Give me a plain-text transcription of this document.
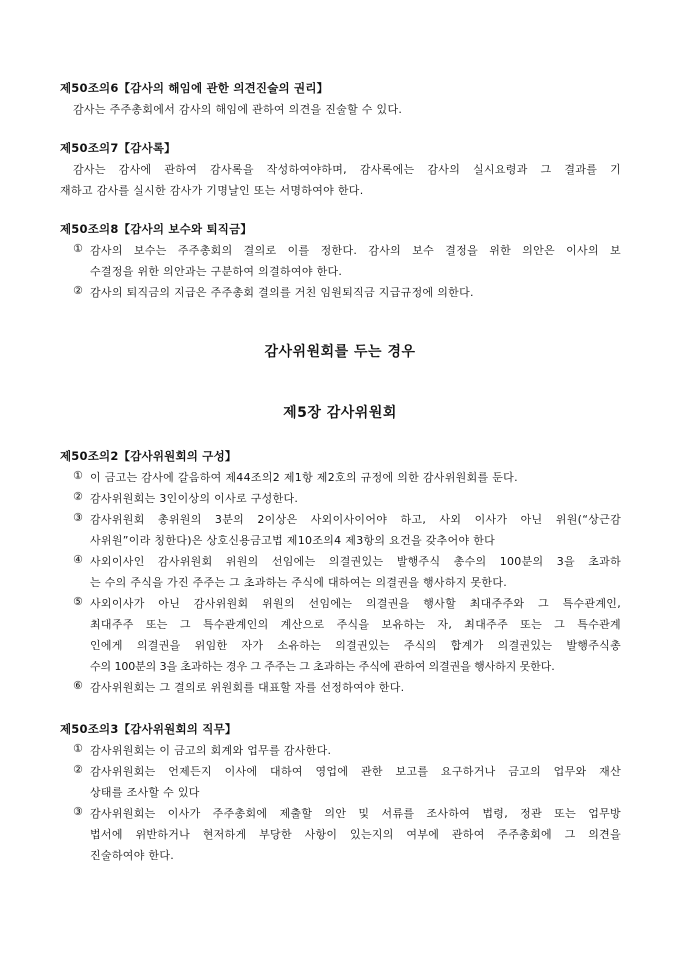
제50조의6【감사의 해임에 관한 의견진술의 권리】
감사는 주주총회에서 감사의 해임에 관하여 의견을 진술할 수 있다.
제50조의7【감사록】
감사는 감사에 관하여 감사록을 작성하여야하며, 감사록에는 감사의 실시요령과 그 결과를 기
재하고 감사를 실시한 감사가 기명날인 또는 서명하여야 한다.
제50조의8【감사의 보수와 퇴직금】
① 감사의 보수는 주주총회의 결의로 이를 정한다. 감사의 보수 결정을 위한 의안은 이사의 보
수결정을 위한 의안과는 구분하여 의결하여야 한다.
② 감사의 퇴직금의 지급은 주주총회 결의를 거친 임원퇴직금 지급규정에 의한다.
감사위원회를 두는 경우
제5장 감사위원회
제50조의2【감사위원회의 구성】
① 이 금고는 감사에 갈음하여 제44조의2 제1항 제2호의 규정에 의한 감사위원회를 둔다.
② 감사위원회는 3인이상의 이사로 구성한다.
③ 감사위원회 총위원의 3분의 2이상은 사외이사이어야 하고, 사외 이사가 아닌 위원(“상근감
사위원”이라 칭한다)은 상호신용금고법 제10조의4 제3항의 요건을 갖추어야 한다
④ 사외이사인 감사위원회 위원의 선임에는 의결권있는 발행주식 총수의 100분의 3을 초과하
는 수의 주식을 가진 주주는 그 초과하는 주식에 대하여는 의결권을 행사하지 못한다.
⑤ 사외이사가 아닌 감사위원회 위원의 선임에는 의결권을 행사할 최대주주와 그 특수관계인,
최대주주 또는 그 특수관계인의 계산으로 주식을 보유하는 자, 최대주주 또는 그 특수관계
인에게 의결권을 위임한 자가 소유하는 의결권있는 주식의 합계가 의결권있는 발행주식총
수의 100분의 3을 초과하는 경우 그 주주는 그 초과하는 주식에 관하여 의결권을 행사하지 못한다.
⑥ 감사위원회는 그 결의로 위원회를 대표할 자를 선정하여야 한다.
제50조의3【감사위원회의 직무】
① 감사위원회는 이 금고의 회계와 업무를 감사한다.
② 감사위원회는 언제든지 이사에 대하여 영업에 관한 보고를 요구하거나 금고의 업무와 재산
상태를 조사할 수 있다
③ 감사위원회는 이사가 주주총회에 제출할 의안 및 서류를 조사하여 법령, 정관 또는 업무방
법서에 위반하거나 현저하게 부당한 사항이 있는지의 여부에 관하여 주주총회에 그 의견을
진술하여야 한다.
